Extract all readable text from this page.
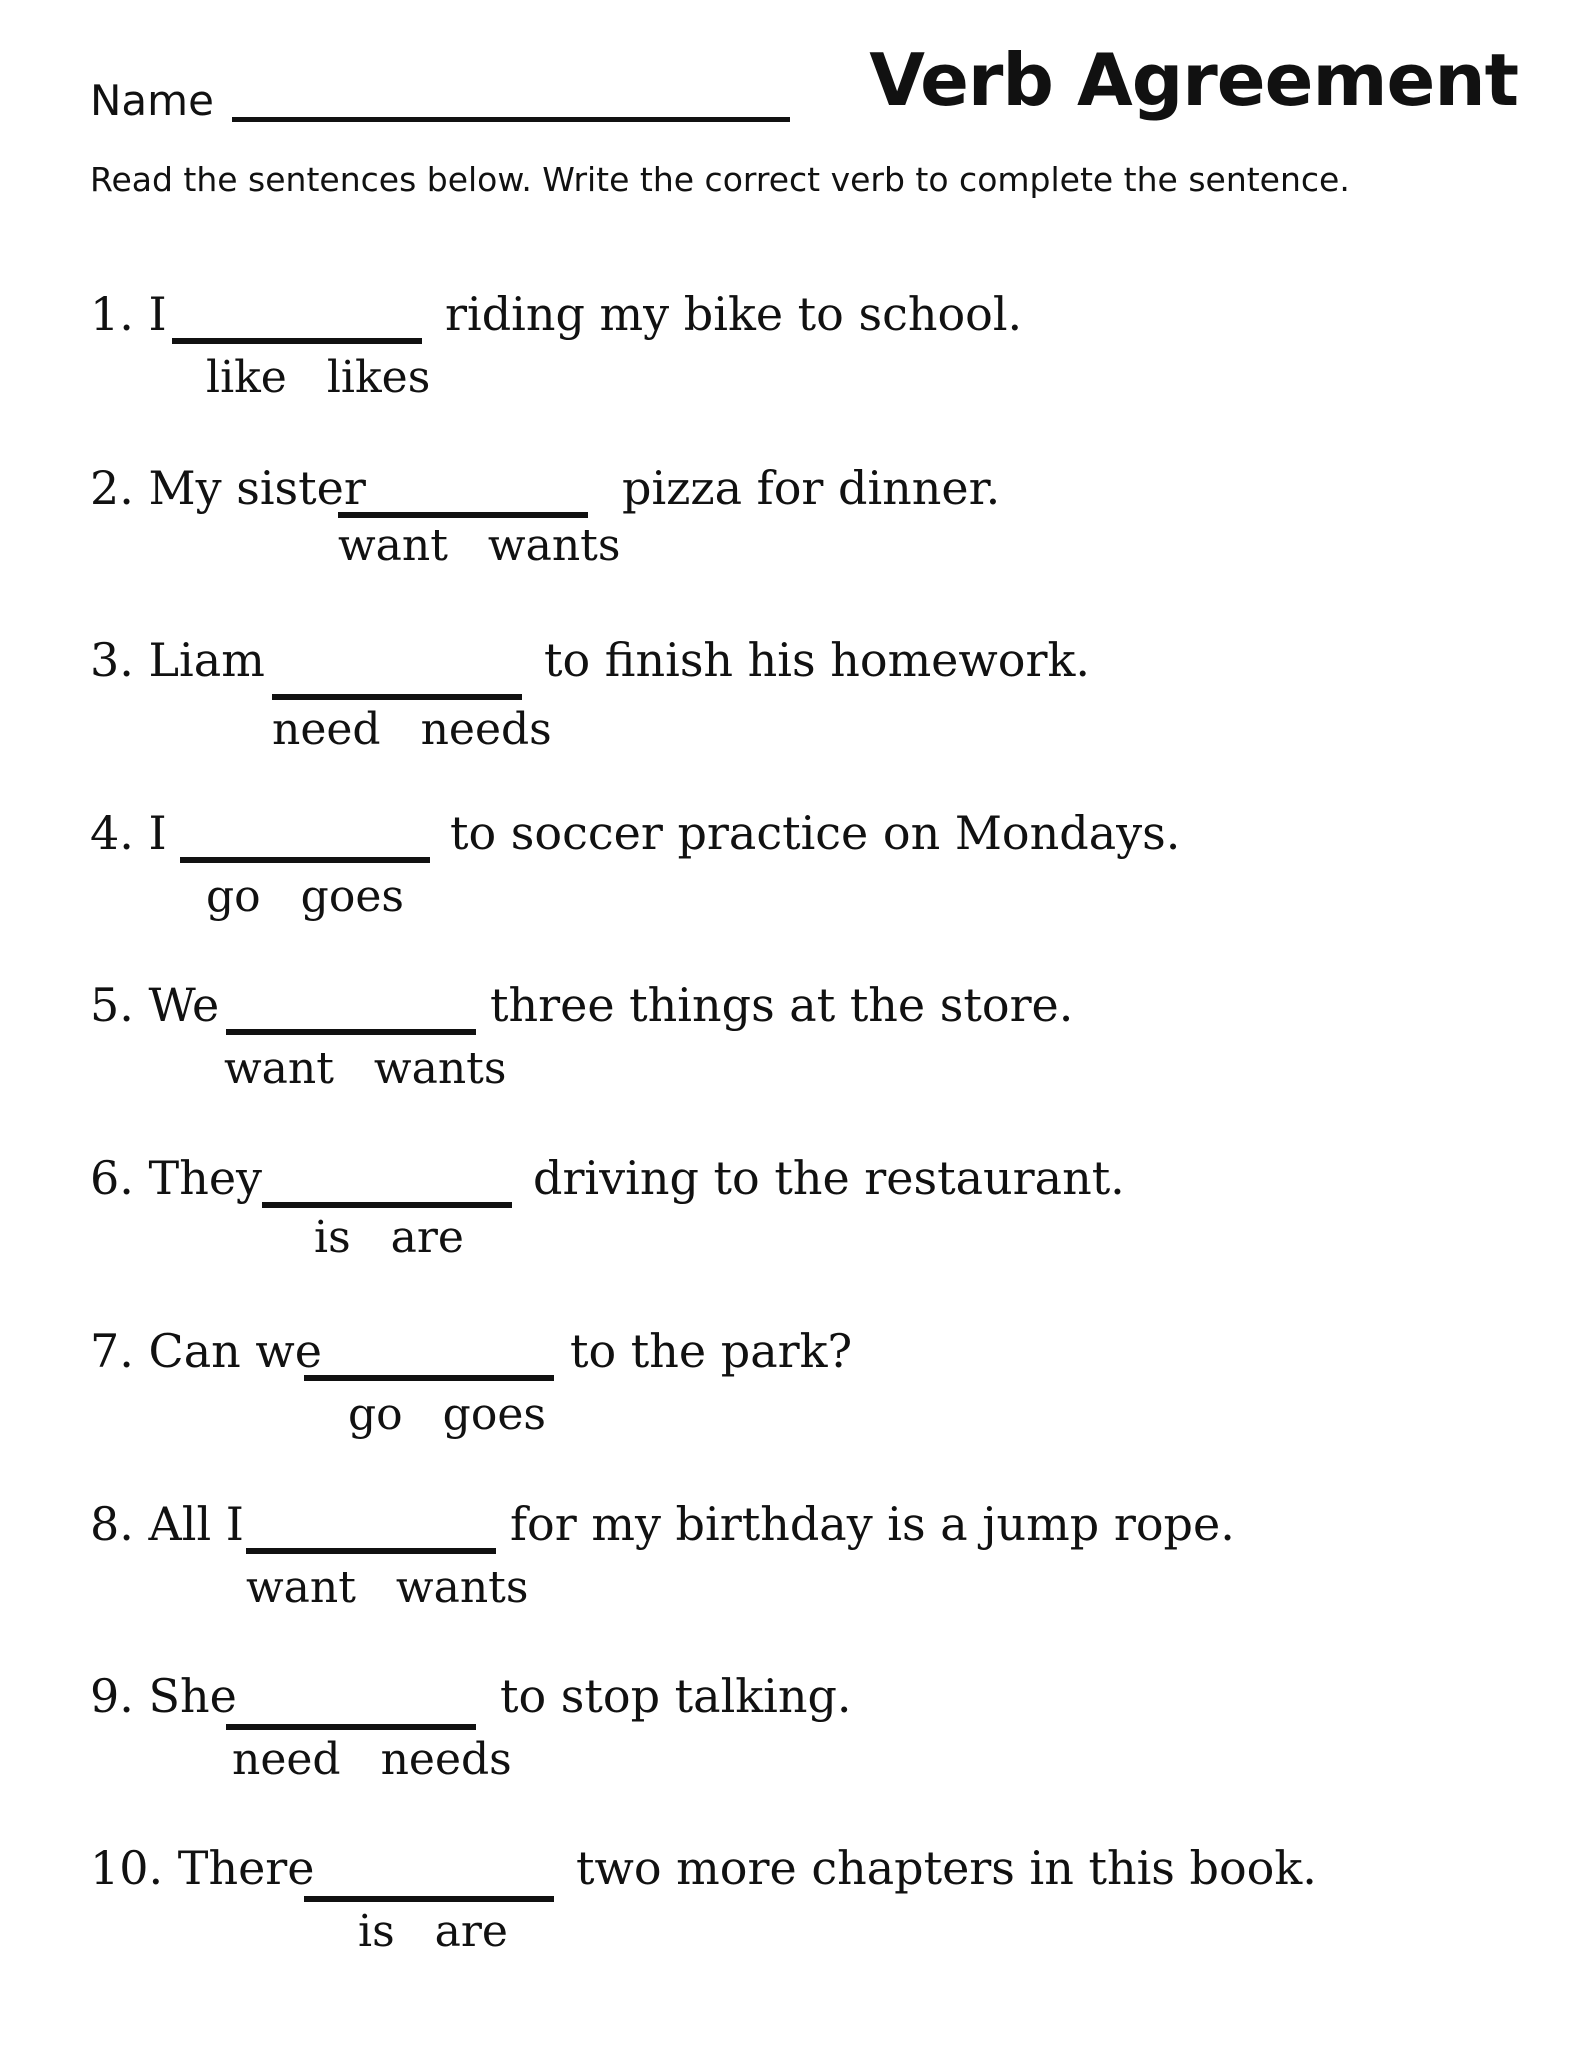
Name	Verb Agreement
Read the sentences below. Write the correct verb to complete the sentence.
1. I	riding my bike to school.
like likes
2. My sister	pizza for dinner.
want wants
3. Liam	to finish his homework.
need needs
4. I	to soccer practice on Mondays.
go goes
5. We	three things at the store.
want wants
6. They	driving to the restaurant.
is are
7. Can we	to the park?
go goes
8. All I	for my birthday is a jump rope.
want wants
9. She	to stop talking.
need needs
10. There	two more chapters in this book.
is are
